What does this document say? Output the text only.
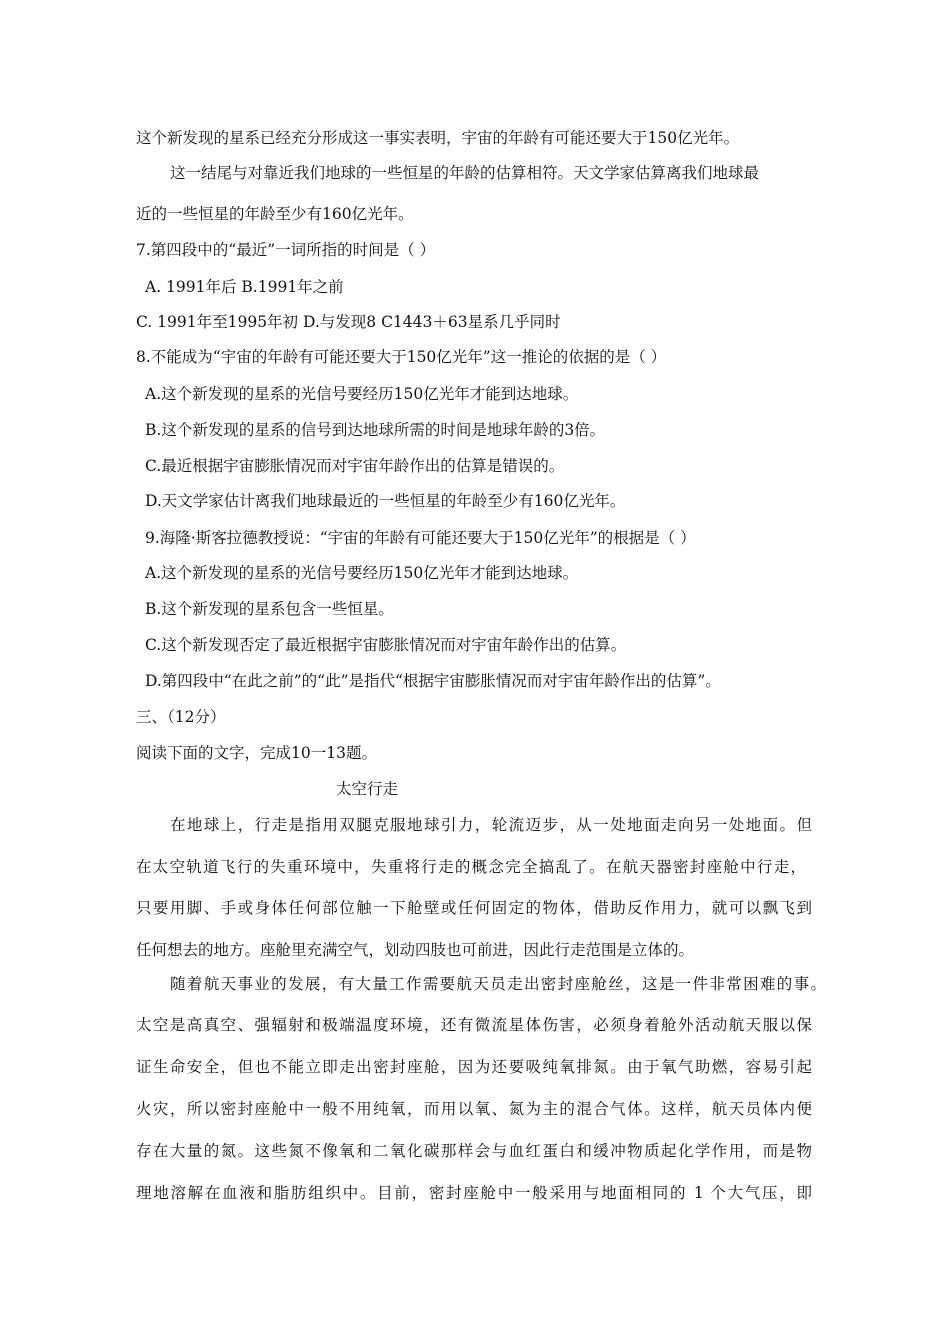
这个新发现的星系已经充分形成这一事实表明，宇宙的年龄有可能还要大于150亿光年。
这一结尾与对靠近我们地球的一些恒星的年龄的估算相符。天文学家估算离我们地球最
近的一些恒星的年龄至少有160亿光年。
7.第四段中的“最近”一词所指的时间是（ ）
A. 1991年后 B.1991年之前
C. 1991年至1995年初 D.与发现8 C1443＋63星系几乎同时
8.不能成为“宇宙的年龄有可能还要大于150亿光年”这一推论的依据的是（ ）
A.这个新发现的星系的光信号要经历150亿光年才能到达地球。
B.这个新发现的星系的信号到达地球所需的时间是地球年龄的3倍。
C.最近根据宇宙膨胀情况而对宇宙年龄作出的估算是错误的。
D.天文学家估计离我们地球最近的一些恒星的年龄至少有160亿光年。
9.海隆·斯客拉德教授说：“宇宙的年龄有可能还要大于150亿光年”的根据是（ ）
A.这个新发现的星系的光信号要经历150亿光年才能到达地球。
B.这个新发现的星系包含一些恒星。
C.这个新发现否定了最近根据宇宙膨胀情况而对宇宙年龄作出的估算。
D.第四段中“在此之前”的“此”是指代“根据宇宙膨胀情况而对宇宙年龄作出的估算”。
三、（12分）
阅读下面的文字，完成10一13题。
太空行走
在地球上，行走是指用双腿克服地球引力，轮流迈步，从一处地面走向另一处地面。但
在太空轨道飞行的失重环境中，失重将行走的概念完全搞乱了。在航天器密封座舱中行走，
只要用脚、手或身体任何部位触一下舱壁或任何固定的物体，借助反作用力，就可以飘飞到
任何想去的地方。座舱里充满空气，划动四肢也可前进，因此行走范围是立体的。
随着航天事业的发展，有大量工作需要航天员走出密封座舱丝，这是一件非常困难的事。
太空是高真空、强辐射和极端温度环境，还有微流星体伤害，必须身着舱外活动航天服以保
证生命安全，但也不能立即走出密封座舱，因为还要吸纯氧排氮。由于氧气助燃，容易引起
火灾，所以密封座舱中一般不用纯氧，而用以氧、氮为主的混合气体。这样，航天员体内便
存在大量的氮。这些氮不像氧和二氧化碳那样会与血红蛋白和缓冲物质起化学作用，而是物
理地溶解在血液和脂肪组织中。目前，密封座舱中一般采用与地面相同的 1 个大气压，即
